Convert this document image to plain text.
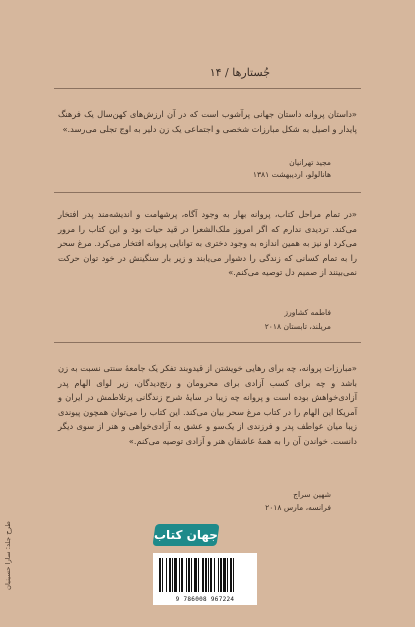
جُستارها / ۱۴
«داستان پروانه داستان جهانی پرآشوب است که در آن ارزش‌های کهن‌سال یک فرهنگ پایدار و اصیل به شکل مبارزات شخصی و اجتماعی یک زن دلیر به اوج تجلی می‌رسد.»
مجید تهرانیان
هانالولو، اردیبهشت ۱۳۸۱
«در تمام مراحل کتاب، پروانه بهار به وجود آگاه، پرشهامت و اندیشه‌مند پدر افتخار می‌کند. تردیدی ندارم که اگر امروز ملک‌الشعرا در قید حیات بود و این کتاب را مرور می‌کرد او نیز به همین اندازه به وجود دختری به توانایی پروانه افتخار می‌کرد. مرغ سحر را به تمام کسانی که زندگی را دشوار می‌یابند و زیر بار سنگینش در خود توان حرکت نمی‌بینند از صمیم دل توصیه می‌کنم.»
فاطمه کشاورز
مریلند، تابستان ۲۰۱۸
«مبارزات پروانه، چه برای رهایی خویشتن از قیدوبند تفکر یک جامعهٔ سنتی نسبت به زن باشد و چه برای کسب آزادی برای محرومان و رنج‌دیدگان، زیر لوای الهام پدر آزادی‌خواهش بوده است و پروانه چه زیبا در سایهٔ شرح زندگانی پرتلاطمش در ایران و آمریکا این الهام را در کتاب مرغ سحر بیان می‌کند. این کتاب را می‌توان همچون پیوندی زیبا میان عواطف پدر و فرزندی از یک‌سو و عشق به آزادی‌خواهی و هنر از سوی دیگر دانست. خواندن آن را به همهٔ عاشقان هنر و آزادی توصیه می‌کنم.»
شهین سراج
فرانسه، مارس ۲۰۱۸
طرح جلد: سارا حسینیان	جهان کتاب
9 786008 967224
